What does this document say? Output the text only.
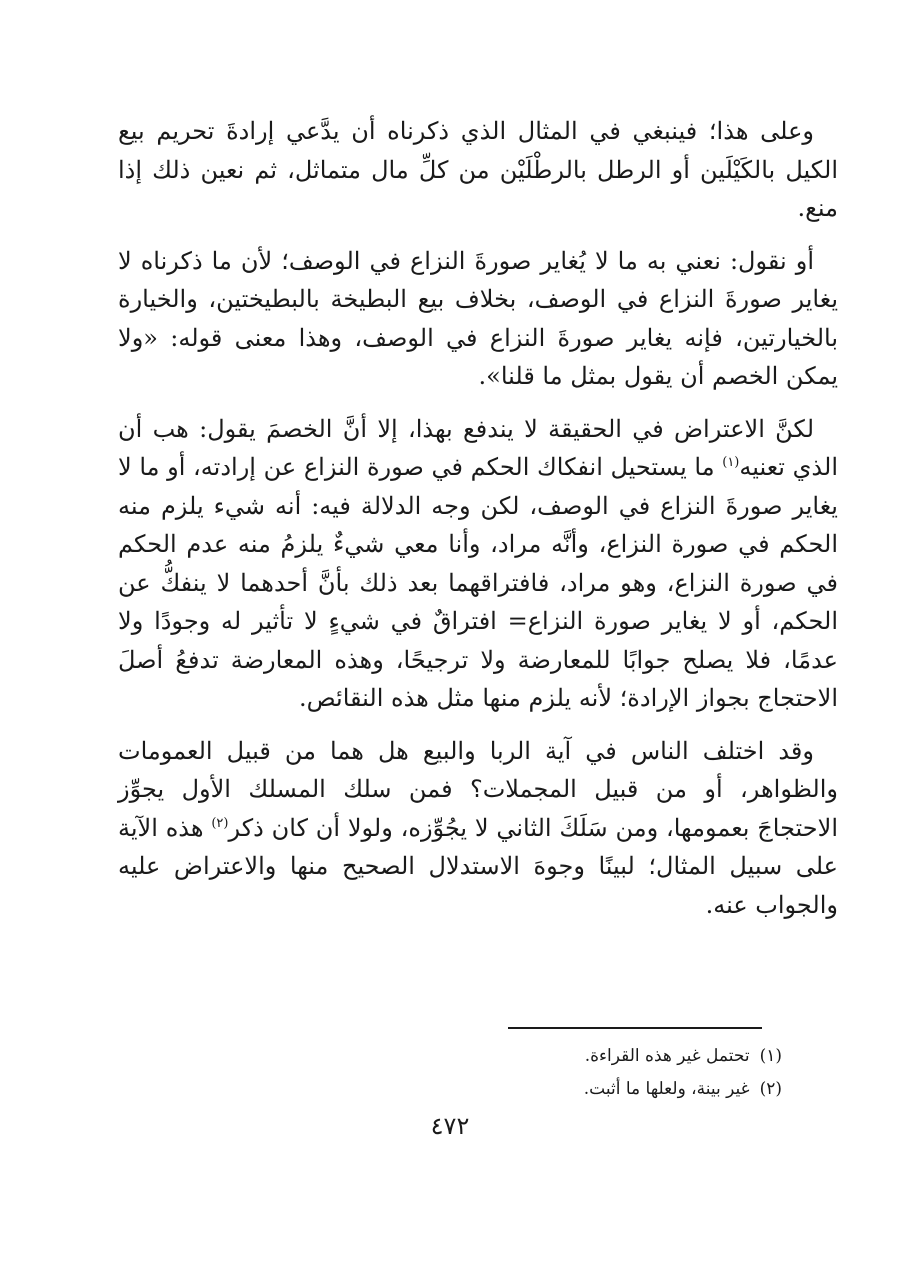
وعلى هذا؛ فينبغي في المثال الذي ذكرناه أن يدَّعي إرادةَ تحريم بيع الكيل بالكَيْلَين أو الرطل بالرطْلَيْن من كلِّ مال متماثل، ثم نعين ذلك إذا منع.

أو نقول: نعني به ما لا يُغاير صورةَ النزاع في الوصف؛ لأن ما ذكرناه لا يغاير صورةَ النزاع في الوصف، بخلاف بيع البطيخة بالبطيختين، والخيارة بالخيارتين، فإنه يغاير صورةَ النزاع في الوصف، وهذا معنى قوله: «ولا يمكن الخصم أن يقول بمثل ما قلنا».

لكنَّ الاعتراض في الحقيقة لا يندفع بهذا، إلا أنَّ الخصمَ يقول: هب أن الذي تعنيه$^{(١)}$ ما يستحيل انفكاك الحكم في صورة النزاع عن إرادته، أو ما لا يغاير صورةَ النزاع في الوصف، لكن وجه الدلالة فيه: أنه شيء يلزم منه الحكم في صورة النزاع، وأنَّه مراد، وأنا معي شيءٌ يلزمُ منه عدم الحكم في صورة النزاع، وهو مراد، فافتراقهما بعد ذلك بأنَّ أحدهما لا ينفكُّ عن الحكم، أو لا يغاير صورة النزاع= افتراقٌ في شيءٍ لا تأثير له وجودًا ولا عدمًا، فلا يصلح جوابًا للمعارضة ولا ترجيحًا، وهذه المعارضة تدفعُ أصلَ الاحتجاج بجواز الإرادة؛ لأنه يلزم منها مثل هذه النقائص.

وقد اختلف الناس في آية الربا والبيع هل هما من قبيل العمومات والظواهر، أو من قبيل المجملات؟ فمن سلك المسلك الأول يجوِّز الاحتجاجَ بعمومها، ومن سَلَكَ الثاني لا يجُوِّزه، ولولا أن كان ذكر$^{(٢)}$ هذه الآية على سبيل المثال؛ لبينًا وجوهَ الاستدلال الصحيح منها والاعتراض عليه والجواب عنه.

(١)تحتمل غير هذه القراءة.
(٢)غير بينة، ولعلها ما أثبت.
٤٧٢
